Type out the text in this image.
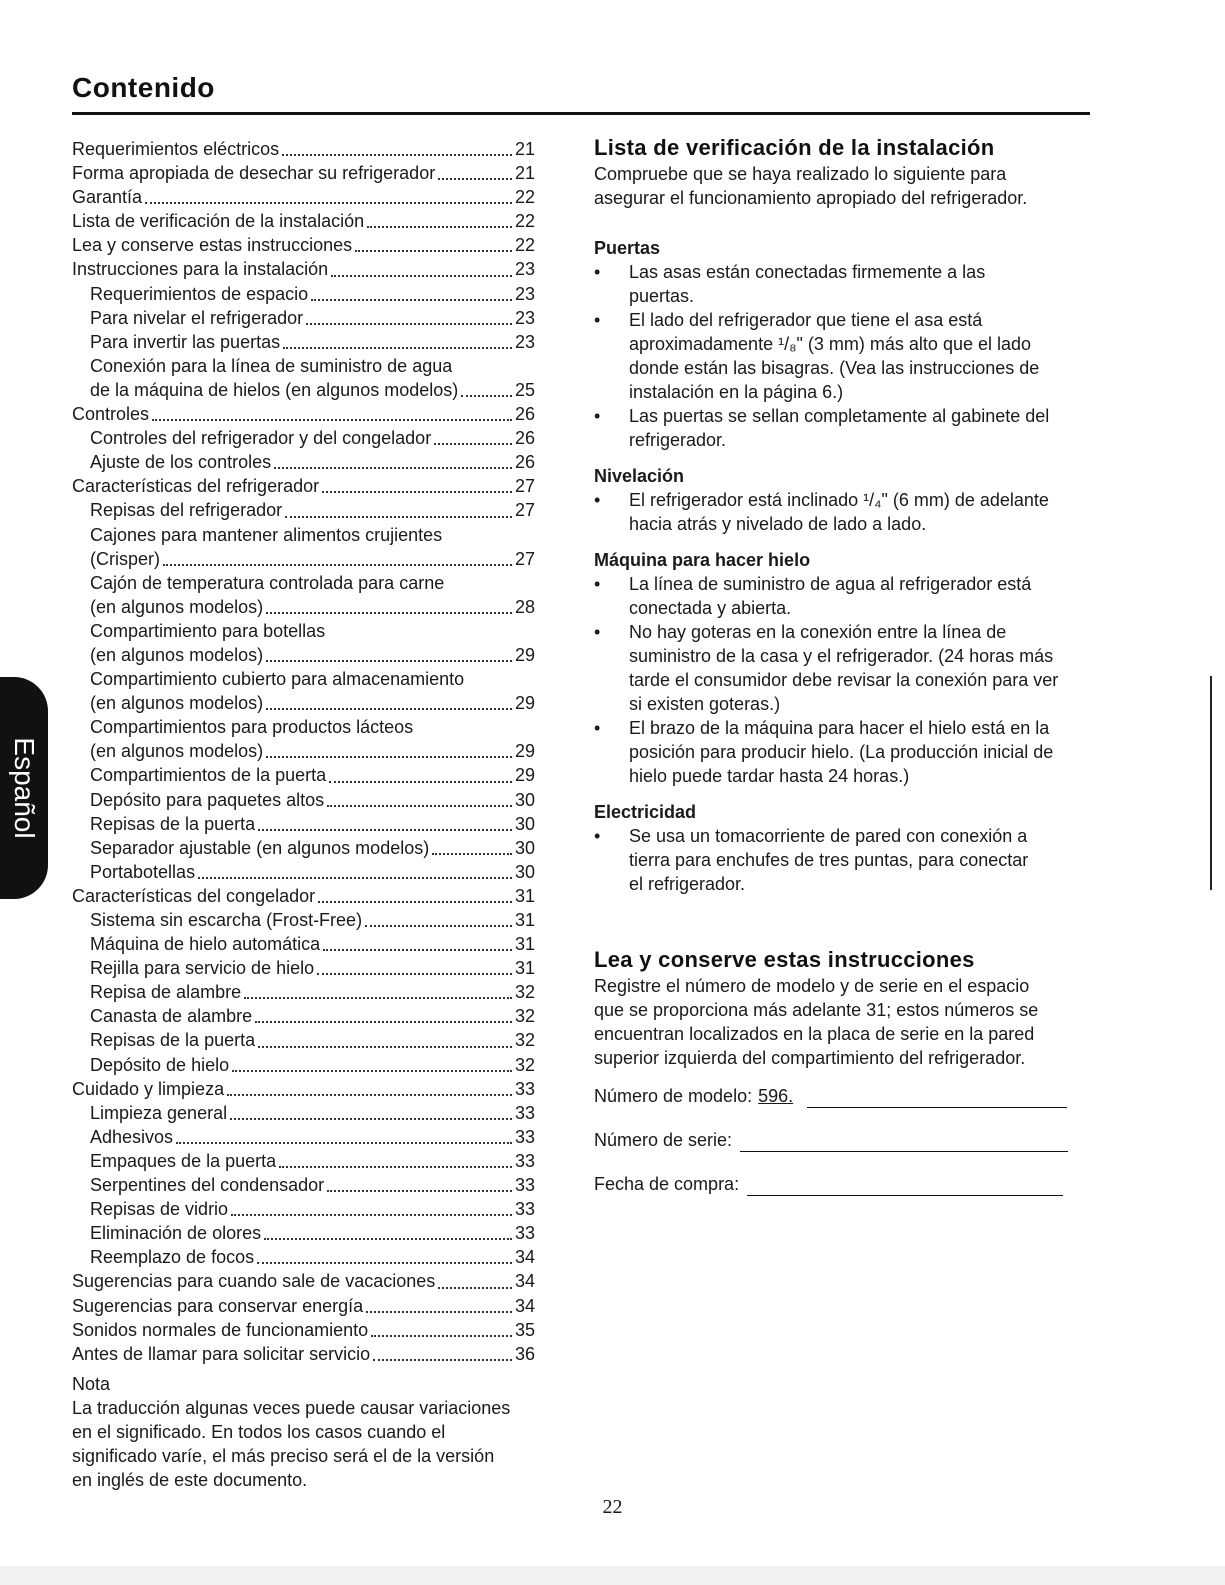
Contenido
Requerimientos eléctricos	21
Forma apropiada de desechar su refrigerador	21
Garantía	22
Lista de verificación de la instalación	22
Lea y conserve estas instrucciones	22
Instrucciones para la instalación	23
Requerimientos de espacio	23
Para nivelar el refrigerador	23
Para invertir las puertas	23
Conexión para la línea de suministro de agua
de la máquina de hielos (en algunos modelos)	25
Controles	26
Controles del refrigerador y del congelador	26
Ajuste de los controles	26
Características del refrigerador	27
Repisas del refrigerador	27
Cajones para mantener alimentos crujientes
(Crisper)	27
Cajón de temperatura controlada para carne
(en algunos modelos)	28
Compartimiento para botellas
(en algunos modelos)	29
Compartimiento cubierto para almacenamiento
(en algunos modelos)	29
Compartimientos para productos lácteos
(en algunos modelos)	29
Compartimientos de la puerta	29
Depósito para paquetes altos	30
Repisas de la puerta	30
Separador ajustable (en algunos modelos)	30
Portabotellas	30
Características del congelador	31
Sistema sin escarcha (Frost-Free)	31
Máquina de hielo automática	31
Rejilla para servicio de hielo	31
Repisa de alambre	32
Canasta de alambre	32
Repisas de la puerta	32
Depósito de hielo	32
Cuidado y limpieza	33
Limpieza general	33
Adhesivos	33
Empaques de la puerta	33
Serpentines del condensador	33
Repisas de vidrio	33
Eliminación de olores	33
Reemplazo de focos	34
Sugerencias para cuando sale de vacaciones	34
Sugerencias para conservar energía	34
Sonidos normales de funcionamiento	35
Antes de llamar para solicitar servicio	36
Nota
La traducción algunas veces puede causar variaciones
en el significado. En todos los casos cuando el
significado varíe, el más preciso será el de la versión
en inglés de este documento.
Lista de verificación de la instalación
Compruebe que se haya realizado lo siguiente para
asegurar el funcionamiento apropiado del refrigerador.
Puertas
• Las asas están conectadas firmemente a las
puertas.
• El lado del refrigerador que tiene el asa está
aproximadamente ¹/₈" (3 mm) más alto que el lado
donde están las bisagras. (Vea las instrucciones de
instalación en la página 6.)
• Las puertas se sellan completamente al gabinete del
refrigerador.
Nivelación
• El refrigerador está inclinado ¹/₄" (6 mm) de adelante
hacia atrás y nivelado de lado a lado.
Máquina para hacer hielo
• La línea de suministro de agua al refrigerador está
conectada y abierta.
• No hay goteras en la conexión entre la línea de
suministro de la casa y el refrigerador. (24 horas más
tarde el consumidor debe revisar la conexión para ver
si existen goteras.)
• El brazo de la máquina para hacer el hielo está en la
posición para producir hielo. (La producción inicial de
hielo puede tardar hasta 24 horas.)
Electricidad
• Se usa un tomacorriente de pared con conexión a
tierra para enchufes de tres puntas, para conectar
el refrigerador.
Lea y conserve estas instrucciones
Registre el número de modelo y de serie en el espacio
que se proporciona más adelante 31; estos números se
encuentran localizados en la placa de serie en la pared
superior izquierda del compartimiento del refrigerador.
Número de modelo: 596.
Número de serie:
Fecha de compra:
Español
22
